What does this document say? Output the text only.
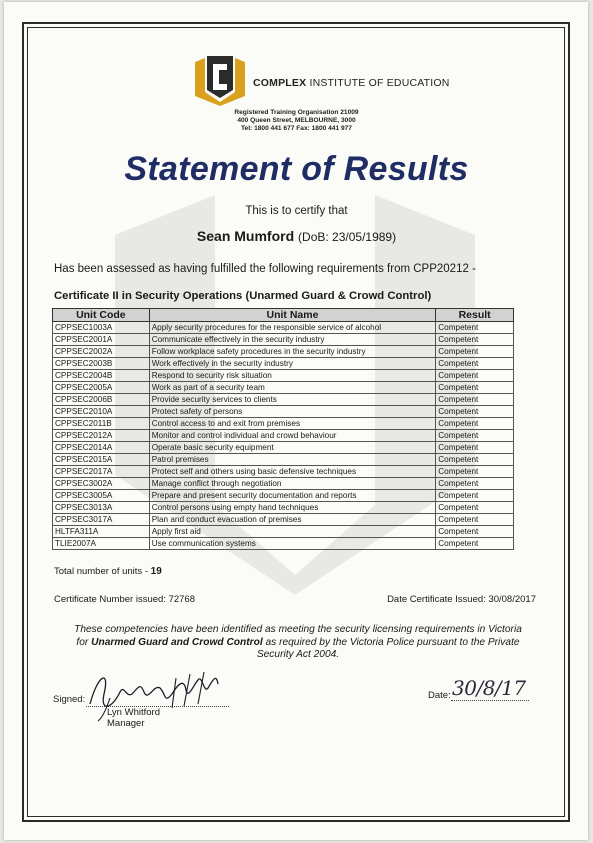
COMPLEX INSTITUTE OF EDUCATION
Registered Training Organisation 21009
400 Queen Street, MELBOURNE, 3000
Tel: 1800 441 677 Fax: 1800 441 977
Statement of Results
This is to certify that
Sean Mumford (DoB: 23/05/1989)
Has been assessed as having fulfilled the following requirements from CPP20212 -
Certificate II in Security Operations (Unarmed Guard & Crowd Control)
Unit Code	Unit Name	Result
CPPSEC1003A	Apply security procedures for the responsible service of alcohol	Competent
CPPSEC2001A	Communicate effectively in the security industry	Competent
CPPSEC2002A	Follow workplace safety procedures in the security industry	Competent
CPPSEC2003B	Work effectively in the security industry	Competent
CPPSEC2004B	Respond to security risk situation	Competent
CPPSEC2005A	Work as part of a security team	Competent
CPPSEC2006B	Provide security services to clients	Competent
CPPSEC2010A	Protect safety of persons	Competent
CPPSEC2011B	Control access to and exit from premises	Competent
CPPSEC2012A	Monitor and control individual and crowd behaviour	Competent
CPPSEC2014A	Operate basic security equipment	Competent
CPPSEC2015A	Patrol premises	Competent
CPPSEC2017A	Protect self and others using basic defensive techniques	Competent
CPPSEC3002A	Manage conflict through negotiation	Competent
CPPSEC3005A	Prepare and present security documentation and reports	Competent
CPPSEC3013A	Control persons using empty hand techniques	Competent
CPPSEC3017A	Plan and conduct evacuation of premises	Competent
HLTFA311A	Apply first aid	Competent
TLIE2007A	Use communication systems	Competent
Total number of units - 19
Certificate Number issued: 72768	Date Certificate Issued: 30/08/2017
These competencies have been identified as meeting the security licensing requirements in Victoria for Unarmed Guard and Crowd Control as required by the Victoria Police pursuant to the Private Security Act 2004.
Signed:
Lyn Whitford
Manager
Date: 30/8/17
